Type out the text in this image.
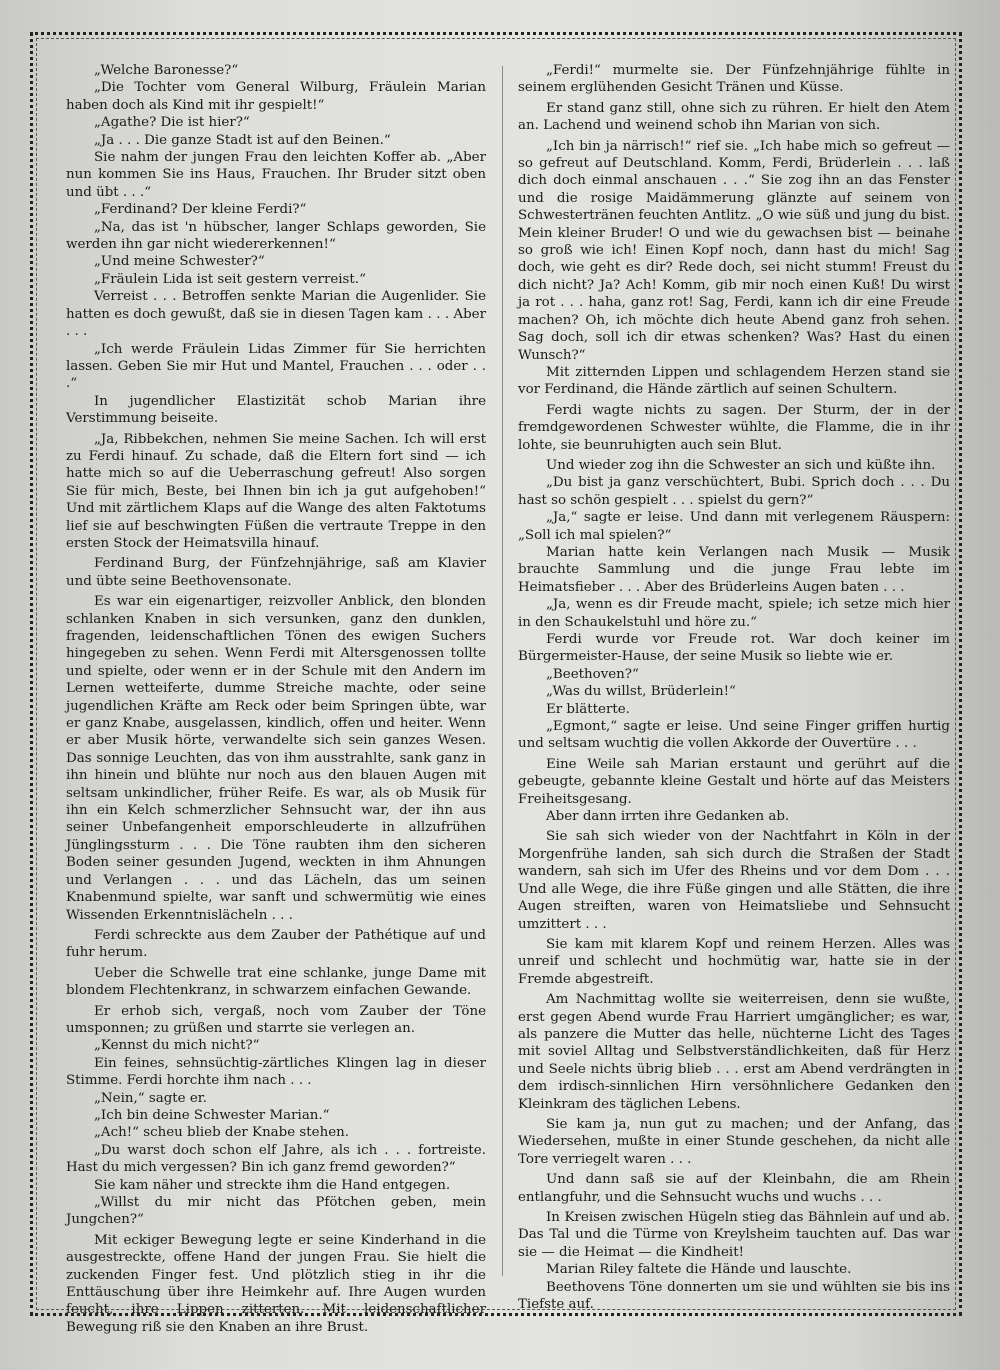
„Welche Baronesse?“

„Die Tochter vom General Wilburg, Fräulein Marian haben doch als Kind mit ihr gespielt!“

„Agathe? Die ist hier?“

„Ja . . . Die ganze Stadt ist auf den Beinen.“

Sie nahm der jungen Frau den leichten Koffer ab. „Aber nun kommen Sie ins Haus, Frauchen. Ihr Bruder sitzt oben und übt . . .“

„Ferdinand? Der kleine Ferdi?“

„Na, das ist 'n hübscher, langer Schlaps geworden, Sie werden ihn gar nicht wiedererkennen!“

„Und meine Schwester?“

„Fräulein Lida ist seit gestern verreist.“

Verreist . . . Betroffen senkte Marian die Augenlider. Sie hatten es doch gewußt, daß sie in diesen Tagen kam . . . Aber . . .

„Ich werde Fräulein Lidas Zimmer für Sie herrichten lassen. Geben Sie mir Hut und Mantel, Frauchen . . . oder . . .“

In jugendlicher Elastizität schob Marian ihre Verstimmung beiseite.

„Ja, Ribbekchen, nehmen Sie meine Sachen. Ich will erst zu Ferdi hinauf. Zu schade, daß die Eltern fort sind — ich hatte mich so auf die Ueberraschung gefreut! Also sorgen Sie für mich, Beste, bei Ihnen bin ich ja gut aufgehoben!“ Und mit zärtlichem Klaps auf die Wange des alten Faktotums lief sie auf beschwingten Füßen die vertraute Treppe in den ersten Stock der Heimatsvilla hinauf.

Ferdinand Burg, der Fünfzehnjährige, saß am Klavier und übte seine Beethovensonate.

Es war ein eigenartiger, reizvoller Anblick, den blonden schlanken Knaben in sich versunken, ganz den dunklen, fragenden, leidenschaftlichen Tönen des ewigen Suchers hingegeben zu sehen. Wenn Ferdi mit Altersgenossen tollte und spielte, oder wenn er in der Schule mit den Andern im Lernen wetteiferte, dumme Streiche machte, oder seine jugendlichen Kräfte am Reck oder beim Springen übte, war er ganz Knabe, ausgelassen, kindlich, offen und heiter. Wenn er aber Musik hörte, verwandelte sich sein ganzes Wesen. Das sonnige Leuchten, das von ihm ausstrahlte, sank ganz in ihn hinein und blühte nur noch aus den blauen Augen mit seltsam unkindlicher, früher Reife. Es war, als ob Musik für ihn ein Kelch schmerzlicher Sehnsucht war, der ihn aus seiner Unbefangenheit emporschleuderte in allzufrühen Jünglingssturm . . . Die Töne raubten ihm den sicheren Boden seiner gesunden Jugend, weckten in ihm Ahnungen und Verlangen . . . und das Lächeln, das um seinen Knabenmund spielte, war sanft und schwermütig wie eines Wissenden Erkenntnislächeln . . .

Ferdi schreckte aus dem Zauber der Pathétique auf und fuhr herum.

Ueber die Schwelle trat eine schlanke, junge Dame mit blondem Flechtenkranz, in schwarzem einfachen Gewande.

Er erhob sich, vergaß, noch vom Zauber der Töne umsponnen; zu grüßen und starrte sie verlegen an.

„Kennst du mich nicht?“

Ein feines, sehnsüchtig-zärtliches Klingen lag in dieser Stimme. Ferdi horchte ihm nach . . .

„Nein,“ sagte er.

„Ich bin deine Schwester Marian.“

„Ach!“ scheu blieb der Knabe stehen.

„Du warst doch schon elf Jahre, als ich . . . fortreiste. Hast du mich vergessen? Bin ich ganz fremd geworden?“

Sie kam näher und streckte ihm die Hand entgegen.

„Willst du mir nicht das Pfötchen geben, mein Jungchen?“

Mit eckiger Bewegung legte er seine Kinderhand in die ausgestreckte, offene Hand der jungen Frau. Sie hielt die zuckenden Finger fest. Und plötzlich stieg in ihr die Enttäuschung über ihre Heimkehr auf. Ihre Augen wurden feucht, ihre Lippen zitterten. Mit leidenschaftlicher Bewegung riß sie den Knaben an ihre Brust.

„Ferdi!“ murmelte sie. Der Fünfzehnjährige fühlte in seinem erglühenden Gesicht Tränen und Küsse.

Er stand ganz still, ohne sich zu rühren. Er hielt den Atem an. Lachend und weinend schob ihn Marian von sich.

„Ich bin ja närrisch!“ rief sie. „Ich habe mich so gefreut — so gefreut auf Deutschland. Komm, Ferdi, Brüderlein . . . laß dich doch einmal anschauen . . .“ Sie zog ihn an das Fenster und die rosige Maidämmerung glänzte auf seinem von Schwestertränen feuchten Antlitz. „O wie süß und jung du bist. Mein kleiner Bruder! O und wie du gewachsen bist — beinahe so groß wie ich! Einen Kopf noch, dann hast du mich! Sag doch, wie geht es dir? Rede doch, sei nicht stumm! Freust du dich nicht? Ja? Ach! Komm, gib mir noch einen Kuß! Du wirst ja rot . . . haha, ganz rot! Sag, Ferdi, kann ich dir eine Freude machen? Oh, ich möchte dich heute Abend ganz froh sehen. Sag doch, soll ich dir etwas schenken? Was? Hast du einen Wunsch?“

Mit zitternden Lippen und schlagendem Herzen stand sie vor Ferdinand, die Hände zärtlich auf seinen Schultern.

Ferdi wagte nichts zu sagen. Der Sturm, der in der fremdgewordenen Schwester wühlte, die Flamme, die in ihr lohte, sie beunruhigten auch sein Blut.

Und wieder zog ihn die Schwester an sich und küßte ihn.

„Du bist ja ganz verschüchtert, Bubi. Sprich doch . . . Du hast so schön gespielt . . . spielst du gern?“

„Ja,“ sagte er leise. Und dann mit verlegenem Räuspern: „Soll ich mal spielen?“

Marian hatte kein Verlangen nach Musik — Musik brauchte Sammlung und die junge Frau lebte im Heimatsfieber . . . Aber des Brüderleins Augen baten . . .

„Ja, wenn es dir Freude macht, spiele; ich setze mich hier in den Schaukelstuhl und höre zu.“

Ferdi wurde vor Freude rot. War doch keiner im Bürgermeister-Hause, der seine Musik so liebte wie er.

„Beethoven?“

„Was du willst, Brüderlein!“

Er blätterte.

„Egmont,“ sagte er leise. Und seine Finger griffen hurtig und seltsam wuchtig die vollen Akkorde der Ouvertüre . . .

Eine Weile sah Marian erstaunt und gerührt auf die gebeugte, gebannte kleine Gestalt und hörte auf das Meisters Freiheitsgesang.

Aber dann irrten ihre Gedanken ab.

Sie sah sich wieder von der Nachtfahrt in Köln in der Morgenfrühe landen, sah sich durch die Straßen der Stadt wandern, sah sich im Ufer des Rheins und vor dem Dom . . . Und alle Wege, die ihre Füße gingen und alle Stätten, die ihre Augen streiften, waren von Heimatsliebe und Sehnsucht umzittert . . .

Sie kam mit klarem Kopf und reinem Herzen. Alles was unreif und schlecht und hochmütig war, hatte sie in der Fremde abgestreift.

Am Nachmittag wollte sie weiterreisen, denn sie wußte, erst gegen Abend wurde Frau Harriert umgänglicher; es war, als panzere die Mutter das helle, nüchterne Licht des Tages mit soviel Alltag und Selbstverständlichkeiten, daß für Herz und Seele nichts übrig blieb . . . erst am Abend verdrängten in dem irdisch-sinnlichen Hirn versöhnlichere Gedanken den Kleinkram des täglichen Lebens.

Sie kam ja, nun gut zu machen; und der Anfang, das Wiedersehen, mußte in einer Stunde geschehen, da nicht alle Tore verriegelt waren . . .

Und dann saß sie auf der Kleinbahn, die am Rhein entlangfuhr, und die Sehnsucht wuchs und wuchs . . .

In Kreisen zwischen Hügeln stieg das Bähnlein auf und ab. Das Tal und die Türme von Kreylsheim tauchten auf. Das war sie — die Heimat — die Kindheit!

Marian Riley faltete die Hände und lauschte.

Beethovens Töne donnerten um sie und wühlten sie bis ins Tiefste auf.
